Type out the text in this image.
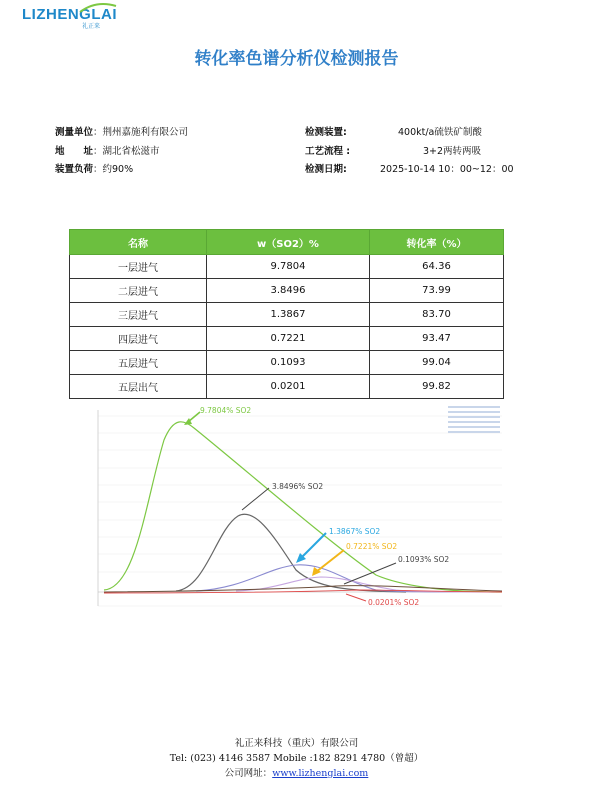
LIZHENGLAI
礼正来
转化率色谱分析仪检测报告
测量单位：荆州嘉施利有限公司
地　　址：湖北省松滋市
装置负荷：约90%
检测装置:	400kt/a硫铁矿制酸
工艺流程 :	3+2两转两吸
检测日期:	2025-10-14 10：00~12：00
名称	w（SO2）%	转化率（%）
一层进气	9.7804	64.36
二层进气	3.8496	73.99
三层进气	1.3867	83.70
四层进气	0.7221	93.47
五层进气	0.1093	99.04
五层出气	0.0201	99.82
9.7804% SO2
3.8496% SO2
1.3867% SO2
0.7221% SO2
0.1093% SO2
0.0201% SO2
礼正来科技（重庆）有限公司
Tel: (023) 4146 3587 Mobile :182 8291 4780（曾超）
公司网址：www.lizhenglai.com
